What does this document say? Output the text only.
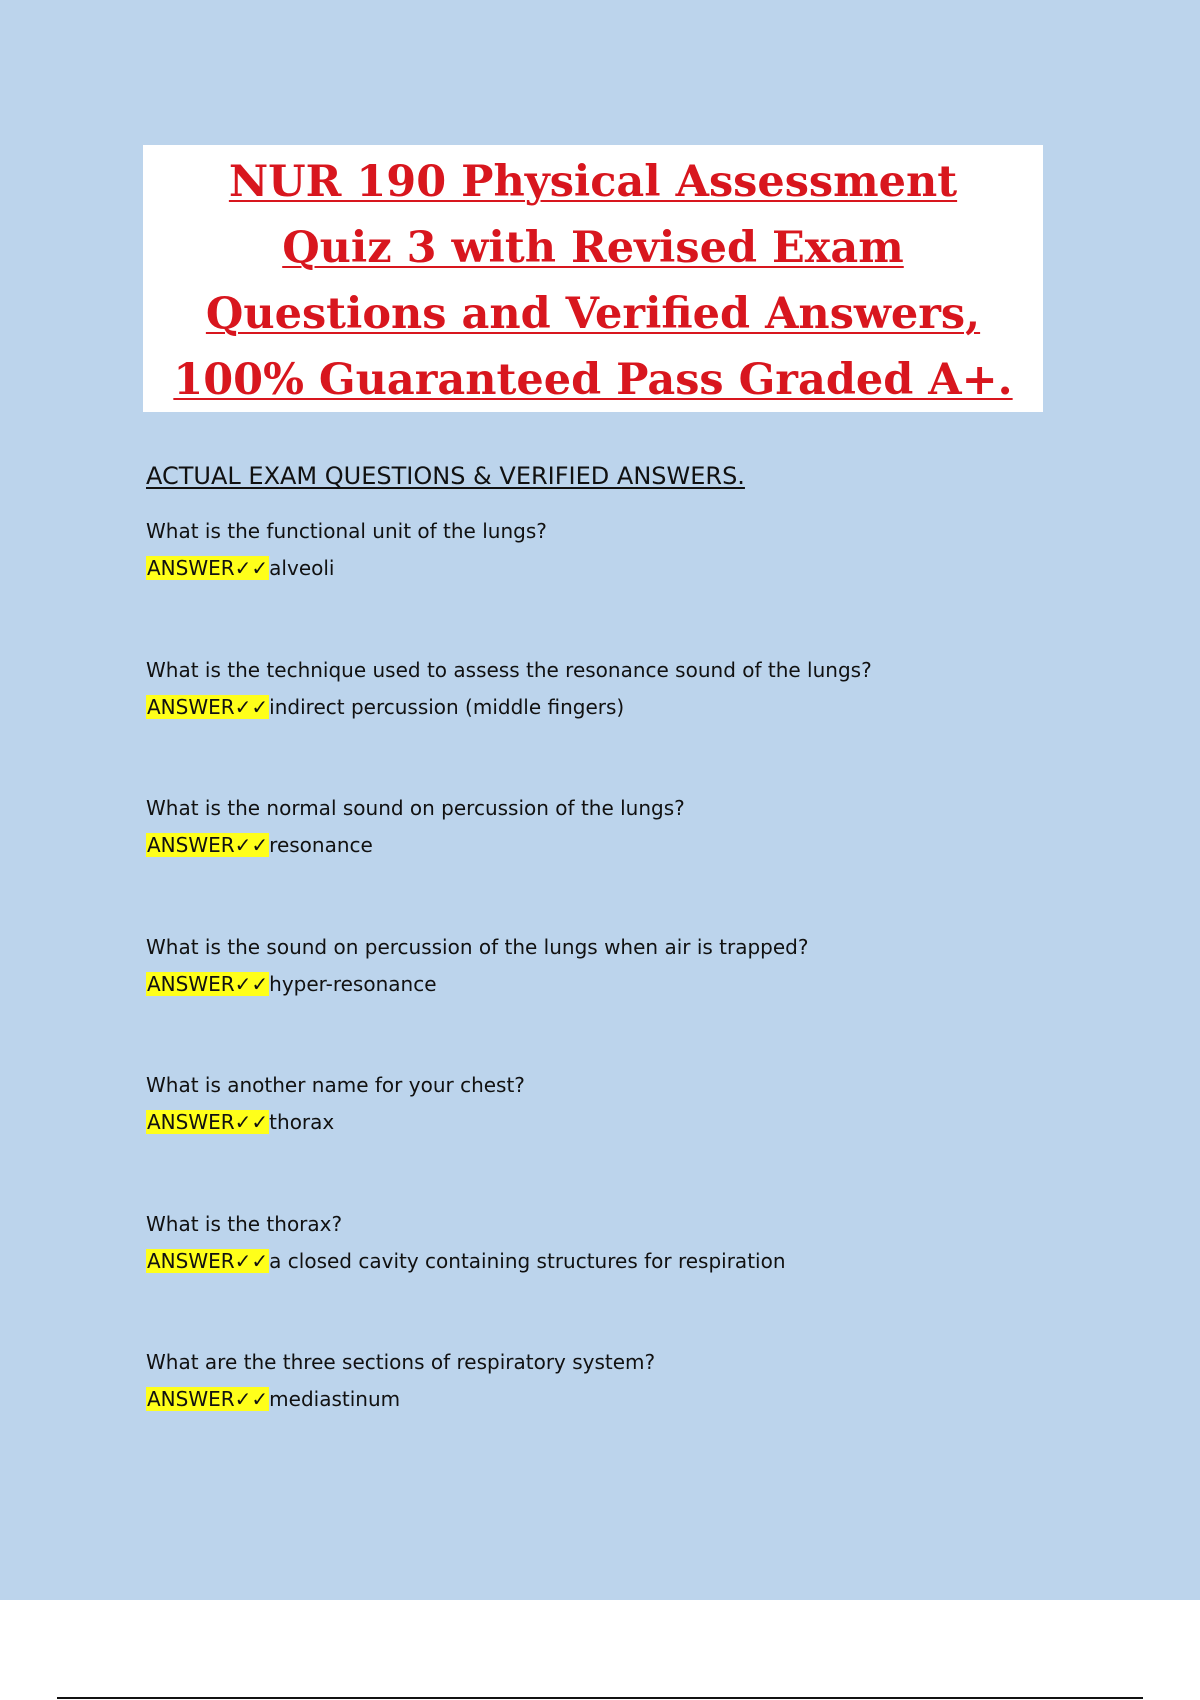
NUR 190 Physical Assessment
Quiz 3 with Revised Exam
Questions and Verified Answers,
100% Guaranteed Pass Graded A+.
ACTUAL EXAM QUESTIONS & VERIFIED ANSWERS.
What is the functional unit of the lungs?
ANSWER✓✓alveoli
What is the technique used to assess the resonance sound of the lungs?
ANSWER✓✓indirect percussion (middle fingers)
What is the normal sound on percussion of the lungs?
ANSWER✓✓resonance
What is the sound on percussion of the lungs when air is trapped?
ANSWER✓✓hyper-resonance
What is another name for your chest?
ANSWER✓✓thorax
What is the thorax?
ANSWER✓✓a closed cavity containing structures for respiration
What are the three sections of respiratory system?
ANSWER✓✓mediastinum
